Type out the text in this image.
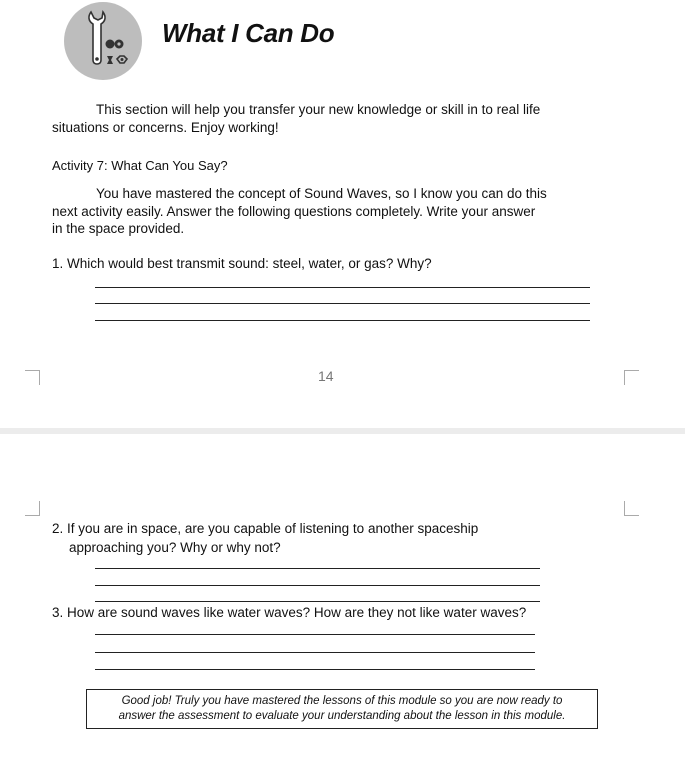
What I Can Do
This section will help you transfer your new knowledge or skill in to real life
situations or concerns. Enjoy working!
Activity 7: What Can You Say?
You have mastered the concept of Sound Waves, so I know you can do this
next activity easily. Answer the following questions completely. Write your answer
in the space provided.
1. Which would best transmit sound: steel, water, or gas? Why?
14
2. If you are in space, are you capable of listening to another spaceship
approaching you? Why or why not?
3. How are sound waves like water waves? How are they not like water waves?
Good job! Truly you have mastered the lessons of this module so you are now ready to
answer the assessment to evaluate your understanding about the lesson in this module.
